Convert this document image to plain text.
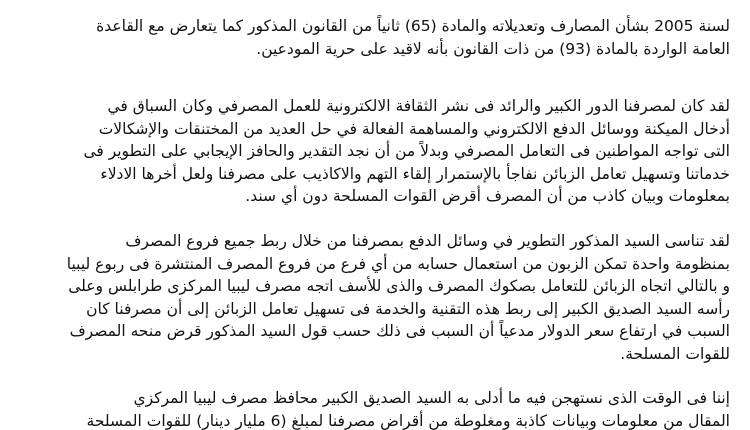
لسنة 2005 بشأن المصارف وتعديلاته والمادة (65) ثانياً من القانون المذكور كما يتعارض مع القاعدة
العامة الواردة بالمادة (93) من ذات القانون بأنه لاقيد على حرية المودعين.
لقد كان لمصرفنا الدور الكبير والرائد فى نشر الثقافة الالكترونية للعمل المصرفي وكان السباق في
أدخال الميكنة ووسائل الدفع الالكتروني والمساهمة الفعالة في حل العديد من المختنقات والإشكالات
التى تواجه المواطنين فى التعامل المصرفي وبدلاً من أن نجد التقدير والحافز الإيجابي على التطوير فى
خدماتنا وتسهيل تعامل الزبائن نفاجأ بالإستمرار إلقاء التهم والاكاذيب على مصرفنا ولعل أخرها الادلاء
بمعلومات وبيان كاذب من أن المصرف أقرض القوات المسلحة دون أي سند.
لقد تناسى السيد المذكور التطوير في وسائل الدفع بمصرفنا من خلال ربط جميع فروع المصرف
بمنظومة واحدة تمكن الزبون من استعمال حسابه من أي فرع من فروع المصرف المنتشرة فى ربوع ليبيا
و بالتالي اتجاه الزبائن للتعامل بصكوك المصرف والذى للأسف اتجه مصرف ليبيا المركزى طرابلس وعلى
رأسه السيد الصديق الكبير إلى ربط هذه التقنية والخدمة فى تسهيل تعامل الزبائن إلى أن مصرفنا كان
السبب في ارتفاع سعر الدولار مدعياً أن السبب فى ذلك حسب قول السيد المذكور قرض منحه المصرف
للقوات المسلحة.
إننا فى الوقت الذى نستهجن فيه ما أدلى به السيد الصديق الكبير محافظ مصرف ليبيا المركزي
المقال من معلومات وبيانات كاذبة ومغلوطة من أقراض مصرفنا لمبلغ (6 مليار دينار) للقوات المسلحة
